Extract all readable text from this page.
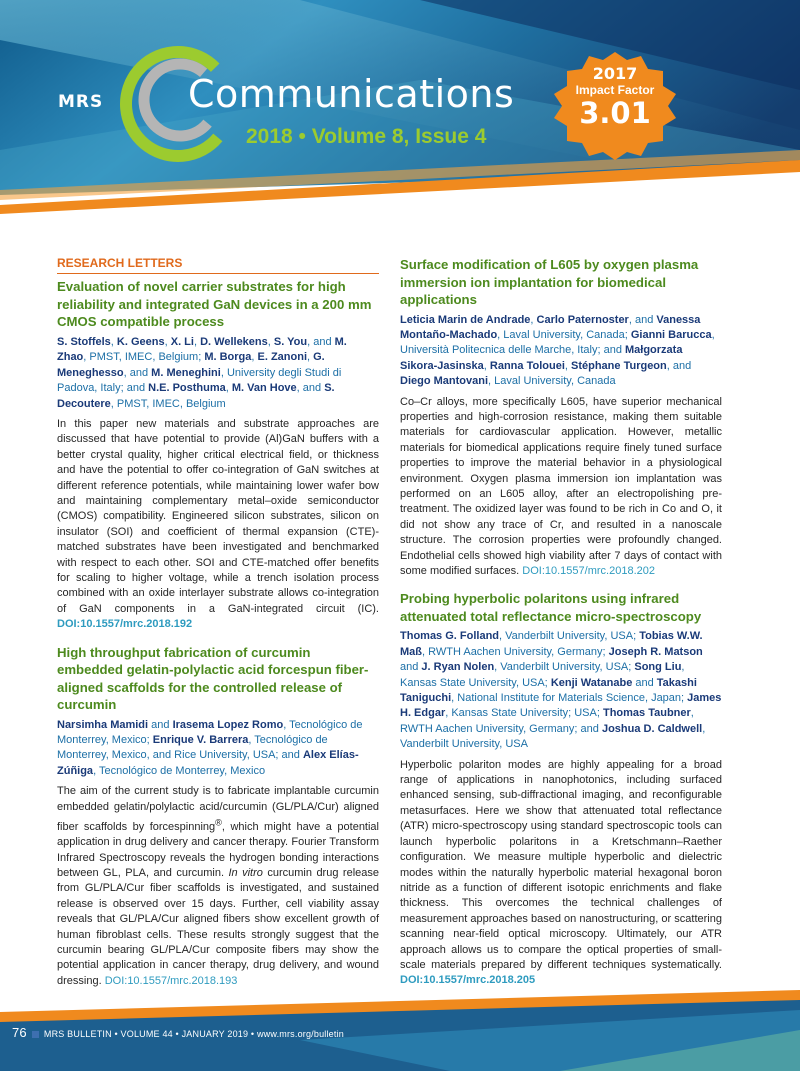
MRS Communications
2018 • Volume 8, Issue 4
2017
Impact Factor
3.01
RESEARCH LETTERS
Evaluation of novel carrier substrates for high reliability and integrated GaN devices in a 200 mm CMOS compatible process
S. Stoffels, K. Geens, X. Li, D. Wellekens, S. You, and M. Zhao, PMST, IMEC, Belgium; M. Borga, E. Zanoni, G. Meneghesso, and M. Meneghini, University degli Studi di Padova, Italy; and N.E. Posthuma, M. Van Hove, and S. Decoutere, PMST, IMEC, Belgium
In this paper new materials and substrate approaches are discussed that have potential to provide (Al)GaN buffers with a better crystal quality, higher critical electrical field, or thickness and have the potential to offer co-integration of GaN switches at different reference potentials, while maintaining lower wafer bow and maintaining complementary metal–oxide semiconductor (CMOS) compatibility. Engineered silicon substrates, silicon on insulator (SOI) and coefficient of thermal expansion (CTE)-matched substrates have been investigated and benchmarked with respect to each other. SOI and CTE-matched offer benefits for scaling to higher voltage, while a trench isolation process combined with an oxide interlayer substrate allows co-integration of GaN components in a GaN-integrated circuit (IC). DOI:10.1557/mrc.2018.192
High throughput fabrication of curcumin embedded gelatin-polylactic acid forcespun fiber-aligned scaffolds for the controlled release of curcumin
Narsimha Mamidi and Irasema Lopez Romo, Tecnológico de Monterrey, Mexico; Enrique V. Barrera, Tecnológico de Monterrey, Mexico, and Rice University, USA; and Alex Elías-Zúñiga, Tecnológico de Monterrey, Mexico
The aim of the current study is to fabricate implantable curcumin embedded gelatin/polylactic acid/curcumin (GL/PLA/Cur) aligned fiber scaffolds by forcespinning®, which might have a potential application in drug delivery and cancer therapy. Fourier Transform Infrared Spectroscopy reveals the hydrogen bonding interactions between GL, PLA, and curcumin. In vitro curcumin drug release from GL/PLA/Cur fiber scaffolds is investigated, and sustained release is observed over 15 days. Further, cell viability assay reveals that GL/PLA/Cur aligned fibers show excellent growth of human fibroblast cells. These results strongly suggest that the curcumin bearing GL/PLA/Cur composite fibers may show the potential application in cancer therapy, drug delivery, and wound dressing. DOI:10.1557/mrc.2018.193
Surface modification of L605 by oxygen plasma immersion ion implantation for biomedical applications
Leticia Marin de Andrade, Carlo Paternoster, and Vanessa Montaño-Machado, Laval University, Canada; Gianni Barucca, Università Politecnica delle Marche, Italy; and Małgorzata Sikora-Jasinska, Ranna Tolouei, Stéphane Turgeon, and Diego Mantovani, Laval University, Canada
Co–Cr alloys, more specifically L605, have superior mechanical properties and high-corrosion resistance, making them suitable materials for cardiovascular application. However, metallic materials for biomedical applications require finely tuned surface properties to improve the material behavior in a physiological environment. Oxygen plasma immersion ion implantation was performed on an L605 alloy, after an electropolishing pre-treatment. The oxidized layer was found to be rich in Co and O, it did not show any trace of Cr, and resulted in a nanoscale structure. The corrosion properties were profoundly changed. Endothelial cells showed high viability after 7 days of contact with some modified surfaces. DOI:10.1557/mrc.2018.202
Probing hyperbolic polaritons using infrared attenuated total reflectance micro-spectroscopy
Thomas G. Folland, Vanderbilt University, USA; Tobias W.W. Maß, RWTH Aachen University, Germany; Joseph R. Matson and J. Ryan Nolen, Vanderbilt University, USA; Song Liu, Kansas State University, USA; Kenji Watanabe and Takashi Taniguchi, National Institute for Materials Science, Japan; James H. Edgar, Kansas State University; USA; Thomas Taubner, RWTH Aachen University, Germany; and Joshua D. Caldwell, Vanderbilt University, USA
Hyperbolic polariton modes are highly appealing for a broad range of applications in nanophotonics, including surfaced enhanced sensing, sub-diffractional imaging, and reconfigurable metasurfaces. Here we show that attenuated total reflectance (ATR) micro-spectroscopy using standard spectroscopic tools can launch hyperbolic polaritons in a Kretschmann–Raether configuration. We measure multiple hyperbolic and dielectric modes within the naturally hyperbolic material hexagonal boron nitride as a function of different isotopic enrichments and flake thickness. This overcomes the technical challenges of measurement approaches based on nanostructuring, or scattering scanning near-field optical microscopy. Ultimately, our ATR approach allows us to compare the optical properties of small-scale materials prepared by different techniques systematically. DOI:10.1557/mrc.2018.205
76 MRS BULLETIN • VOLUME 44 • JANUARY 2019 • www.mrs.org/bulletin
